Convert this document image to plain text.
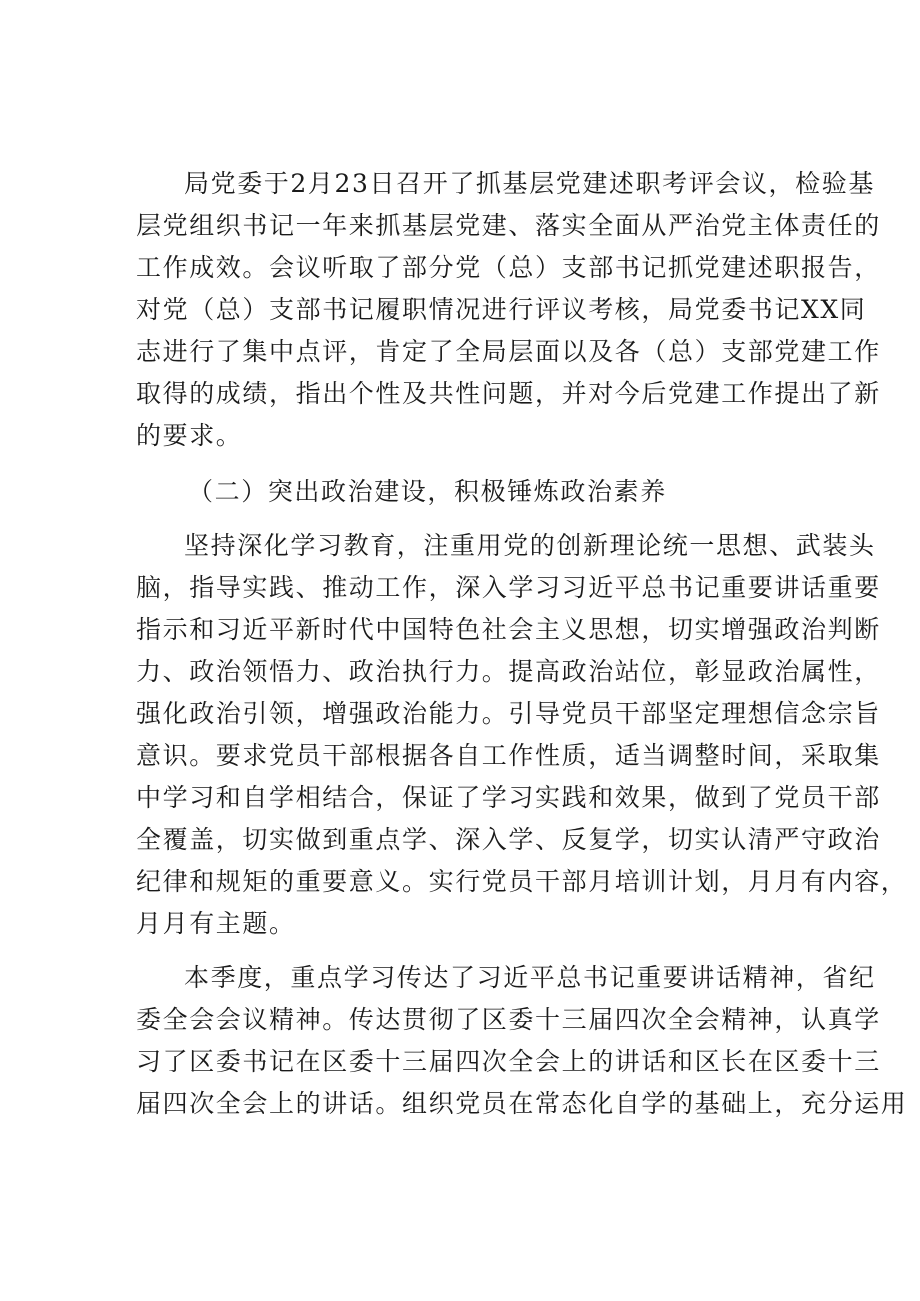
局党委于2月23日召开了抓基层党建述职考评会议，检验基
层党组织书记一年来抓基层党建、落实全面从严治党主体责任的
工作成效。会议听取了部分党（总）支部书记抓党建述职报告，
对党（总）支部书记履职情况进行评议考核，局党委书记XX同
志进行了集中点评，肯定了全局层面以及各（总）支部党建工作
取得的成绩，指出个性及共性问题，并对今后党建工作提出了新
的要求。
（二）突出政治建设，积极锤炼政治素养
坚持深化学习教育，注重用党的创新理论统一思想、武装头
脑，指导实践、推动工作，深入学习习近平总书记重要讲话重要
指示和习近平新时代中国特色社会主义思想，切实增强政治判断
力、政治领悟力、政治执行力。提高政治站位，彰显政治属性，
强化政治引领，增强政治能力。引导党员干部坚定理想信念宗旨
意识。要求党员干部根据各自工作性质，适当调整时间，采取集
中学习和自学相结合，保证了学习实践和效果，做到了党员干部
全覆盖，切实做到重点学、深入学、反复学，切实认清严守政治
纪律和规矩的重要意义。实行党员干部月培训计划，月月有内容，
月月有主题。
本季度，重点学习传达了习近平总书记重要讲话精神，省纪
委全会会议精神。传达贯彻了区委十三届四次全会精神，认真学
习了区委书记在区委十三届四次全会上的讲话和区长在区委十三
届四次全会上的讲话。组织党员在常态化自学的基础上，充分运用
